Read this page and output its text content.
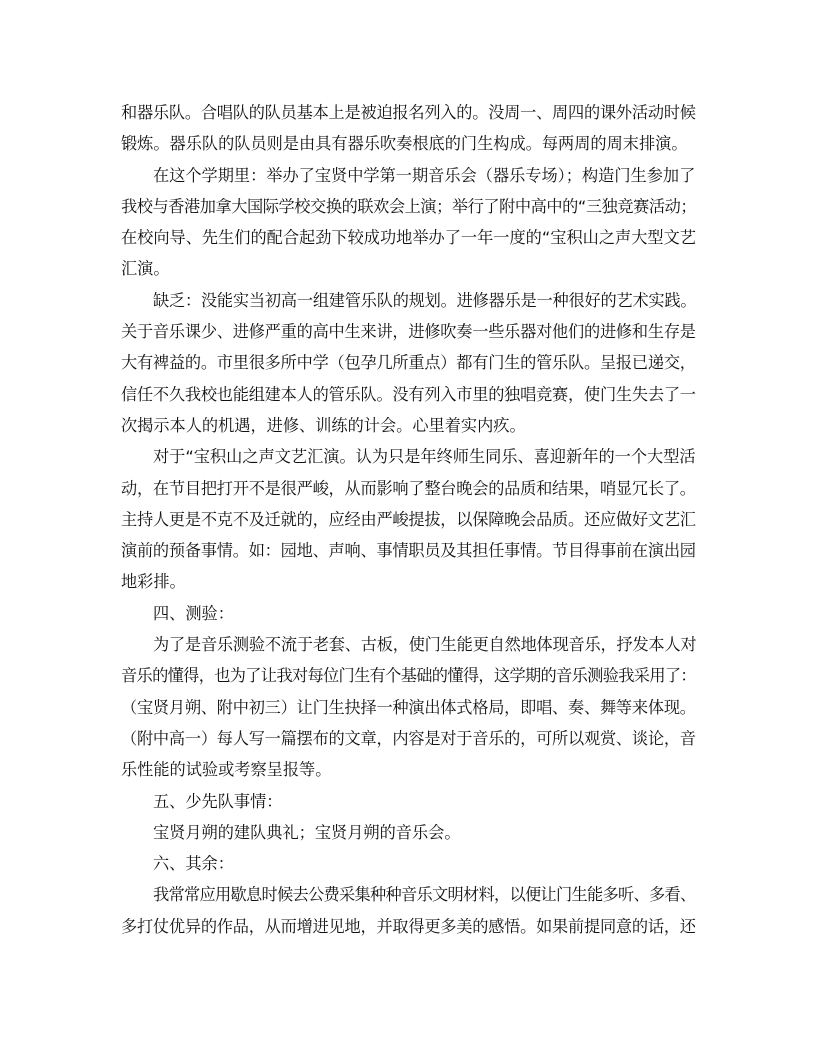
和器乐队。合唱队的队员基本上是被迫报名列入的。没周一、周四的课外活动时候
锻炼。器乐队的队员则是由具有器乐吹奏根底的门生构成。每两周的周末排演。
在这个学期里：举办了宝贤中学第一期音乐会（器乐专场）；构造门生参加了
我校与香港加拿大国际学校交换的联欢会上演；举行了附中高中的“三独竞赛活动；
在校向导、先生们的配合起劲下较成功地举办了一年一度的“宝积山之声大型文艺
汇演。
缺乏：没能实当初高一组建管乐队的规划。进修器乐是一种很好的艺术实践。
关于音乐课少、进修严重的高中生来讲，进修吹奏一些乐器对他们的进修和生存是
大有裨益的。市里很多所中学（包孕几所重点）都有门生的管乐队。呈报已递交，
信任不久我校也能组建本人的管乐队。没有列入市里的独唱竞赛，使门生失去了一
次揭示本人的机遇，进修、训练的计会。心里着实内疚。
对于“宝积山之声文艺汇演。认为只是年终师生同乐、喜迎新年的一个大型活
动，在节目把打开不是很严峻，从而影响了整台晚会的品质和结果，哨显冗长了。
主持人更是不克不及迁就的，应经由严峻提拔，以保障晚会品质。还应做好文艺汇
演前的预备事情。如：园地、声响、事情职员及其担任事情。节目得事前在演出园
地彩排。
四、测验：
为了是音乐测验不流于老套、古板，使门生能更自然地体现音乐，抒发本人对
音乐的懂得，也为了让我对每位门生有个基础的懂得，这学期的音乐测验我采用了：
（宝贤月朔、附中初三）让门生抉择一种演出体式格局，即唱、奏、舞等来体现。
（附中高一）每人写一篇摆布的文章，内容是对于音乐的，可所以观赏、谈论，音
乐性能的试验或考察呈报等。
五、少先队事情：
宝贤月朔的建队典礼；宝贤月朔的音乐会。
六、其余：
我常常应用歇息时候去公费采集种种音乐文明材料，以便让门生能多听、多看、
多打仗优异的作品，从而增进见地，并取得更多美的感悟。如果前提同意的话，还
